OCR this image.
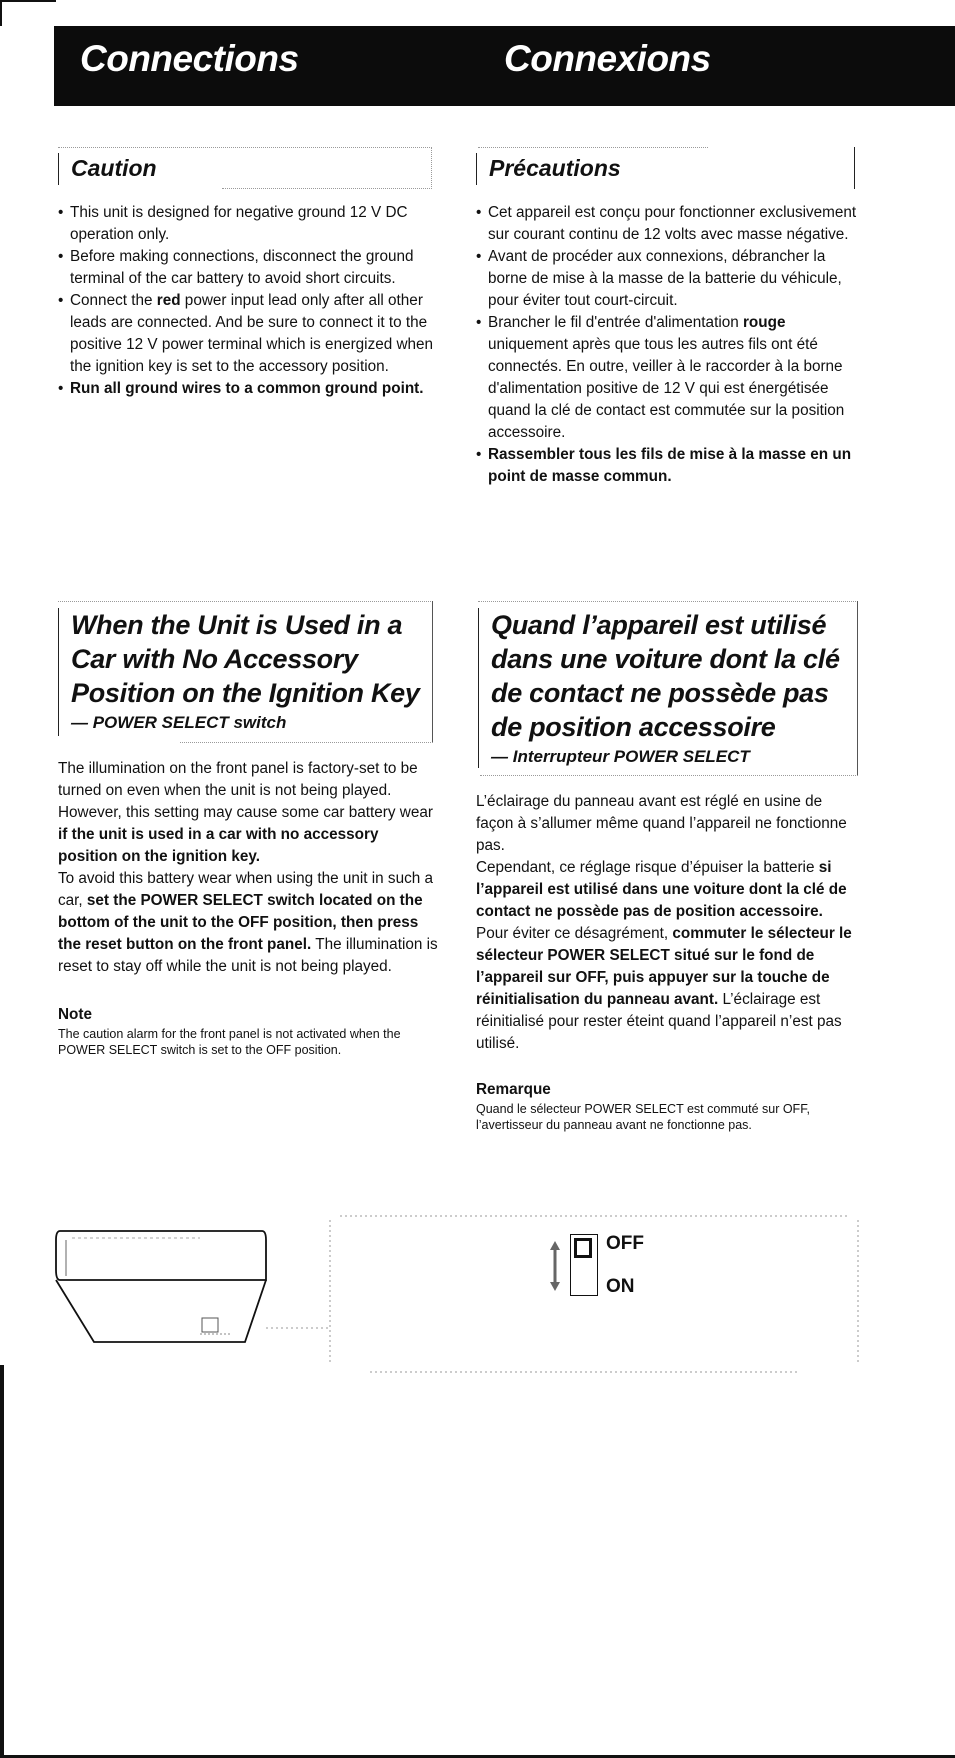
Connections	Connexions
Caution
• This unit is designed for negative ground 12 V DC operation only.
• Before making connections, disconnect the ground terminal of the car battery to avoid short circuits.
• Connect the red power input lead only after all other leads are connected. And be sure to connect it to the positive 12 V power terminal which is energized when the ignition key is set to the accessory position.
• Run all ground wires to a common ground point.
Précautions
• Cet appareil est conçu pour fonctionner exclusivement sur courant continu de 12 volts avec masse négative.
• Avant de procéder aux connexions, débrancher la borne de mise à la masse de la batterie du véhicule, pour éviter tout court-circuit.
• Brancher le fil d'entrée d'alimentation rouge uniquement après que tous les autres fils ont été connectés. En outre, veiller à le raccorder à la borne d'alimentation positive de 12 V qui est énergétisée quand la clé de contact est commutée sur la position accessoire.
• Rassembler tous les fils de mise à la masse en un point de masse commun.
When the Unit is Used in a Car with No Accessory Position on the Ignition Key
— POWER SELECT switch

The illumination on the front panel is factory-set to be turned on even when the unit is not being played. However, this setting may cause some car battery wear if the unit is used in a car with no accessory position on the ignition key.

To avoid this battery wear when using the unit in such a car, set the POWER SELECT switch located on the bottom of the unit to the OFF position, then press the reset button on the front panel. The illumination is reset to stay off while the unit is not being played.

Note

The caution alarm for the front panel is not activated when the POWER SELECT switch is set to the OFF position.

Quand l’appareil est utilisé dans une voiture dont la clé de contact ne possède pas de position accessoire
— Interrupteur POWER SELECT

L’éclairage du panneau avant est réglé en usine de façon à s’allumer même quand l’appareil ne fonctionne pas.

Cependant, ce réglage risque d’épuiser la batterie si l’appareil est utilisé dans une voiture dont la clé de contact ne possède pas de position accessoire.

Pour éviter ce désagrément, commuter le sélecteur le sélecteur POWER SELECT situé sur le fond de l’appareil sur OFF, puis appuyer sur la touche de réinitialisation du panneau avant. L’éclairage est réinitialisé pour rester éteint quand l’appareil n’est pas utilisé.

Remarque

Quand le sélecteur POWER SELECT est commuté sur OFF, l’avertisseur du panneau avant ne fonctionne pas.

OFF
ON
